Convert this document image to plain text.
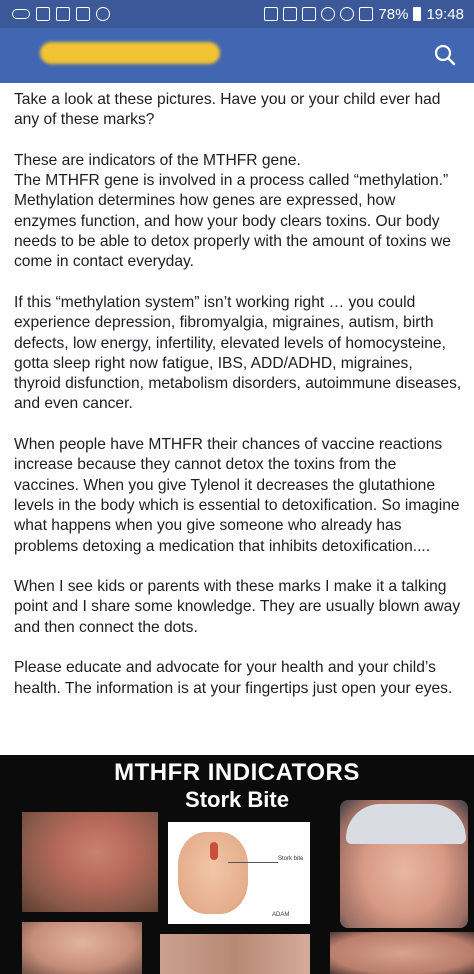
78% 19:48

Take a look at these pictures. Have you or your child ever had any of these marks?

These are indicators of the MTHFR gene.

The MTHFR gene is involved in a process called “methylation.” Methylation determines how genes are expressed, how enzymes function, and how your body clears toxins. Our body needs to be able to detox properly with the amount of toxins we come in contact everyday.

If this “methylation system” isn’t working right … you could experience depression, fibromyalgia, migraines, autism, birth defects, low energy, infertility, elevated levels of homocysteine, gotta sleep right now fatigue, IBS, ADD/ADHD, migraines, thyroid disfunction, metabolism disorders, autoimmune diseases, and even cancer.

When people have MTHFR their chances of vaccine reactions increase because they cannot detox the toxins from the vaccines. When you give Tylenol it decreases the glutathione levels in the body which is essential to detoxification. So imagine what happens when you give someone who already has problems detoxing a medication that inhibits detoxification....

When I see kids or parents with these marks I make it a talking point and I share some knowledge. They are usually blown away and then connect the dots.

Please educate and advocate for your health and your child’s health. The information is at your fingertips just open your eyes.

MTHFR INDICATORS
Stork Bite
Stork bite
ADAM
